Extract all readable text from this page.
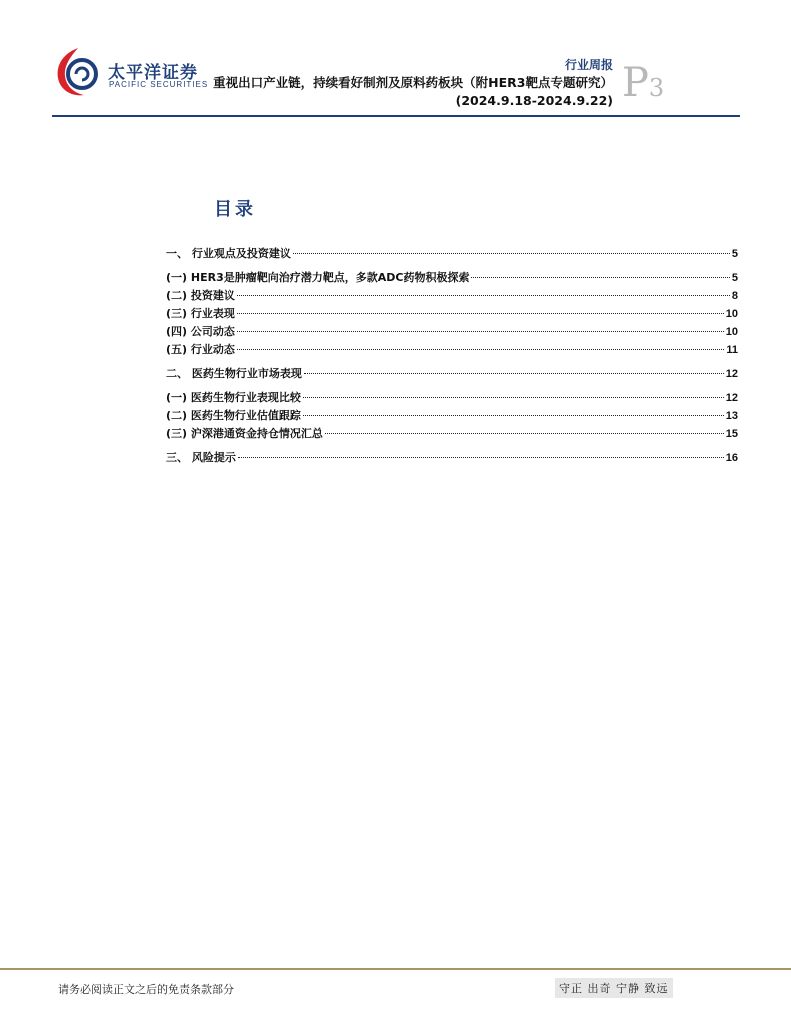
太平洋证券
PACIFIC SECURITIES
行业周报
重视出口产业链，持续看好制剂及原料药板块（附HER3靶点专题研究）(2024.9.18-2024.9.22) P3
目录
一、 行业观点及投资建议	5
(一) HER3是肿瘤靶向治疗潜力靶点，多款ADC药物积极探索	5
(二) 投资建议	8
(三) 行业表现	10
(四) 公司动态	10
(五) 行业动态	11
二、 医药生物行业市场表现	12
(一) 医药生物行业表现比较	12
(二) 医药生物行业估值跟踪	13
(三) 沪深港通资金持仓情况汇总	15
三、 风险提示	16
请务必阅读正文之后的免责条款部分	守正 出奇 宁静 致远
